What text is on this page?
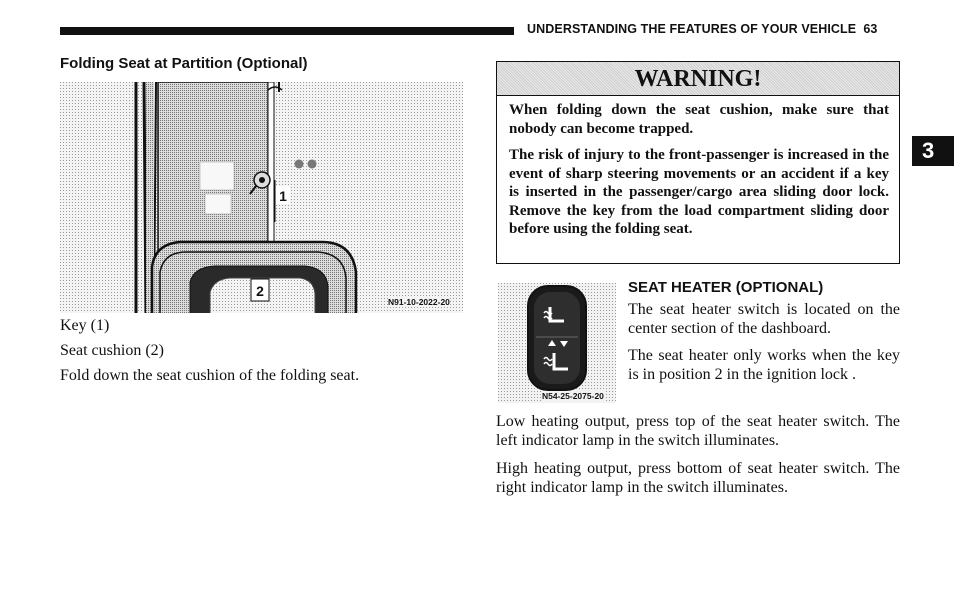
UNDERSTANDING THE FEATURES OF YOUR VEHICLE 63
3
Folding Seat at Partition (Optional)
1
2
N91-10-2022-20
Key (1)
Seat cushion (2)
Fold down the seat cushion of the folding seat.
WARNING!
When folding down the seat cushion, make sure that nobody can become trapped.
The risk of injury to the front-passenger is increased in the event of sharp steering movements or an accident if a key is inserted in the passenger/cargo area sliding door lock. Remove the key from the load compartment sliding door before using the folding seat.
N54-25-2075-20
SEAT HEATER (OPTIONAL)
The seat heater switch is located on the center section of the dashboard.
The seat heater only works when the key is in position 2 in the ignition lock .
Low heating output, press top of the seat heater switch. The left indicator lamp in the switch illuminates.
High heating output, press bottom of seat heater switch. The right indicator lamp in the switch illuminates.
